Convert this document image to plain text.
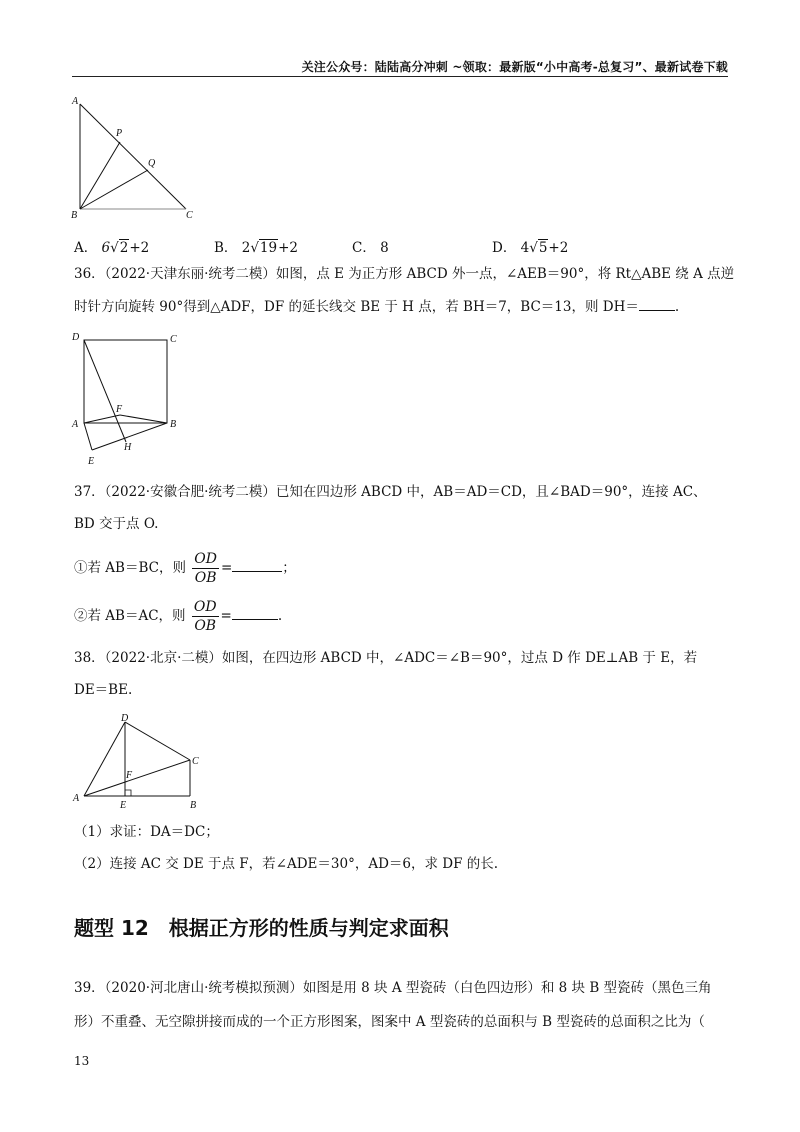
关注公众号：陆陆高分冲刺 ~领取：最新版“小中高考-总复习”、最新试卷下载
A
P
Q
B	C
A． 6√2+2	B． 2√19+2	C． 8	D． 4√5+2
36．（2022·天津东丽·统考二模）如图，点 E 为正方形 ABCD 外一点，∠AEB＝90°，将 Rt△ABE 绕 A 点逆
时针方向旋转 90°得到△ADF，DF 的延长线交 BE 于 H 点，若 BH＝7，BC＝13，则 DH＝	.
D	C
F
A	B
H
E
37．（2022·安徽合肥·统考二模）已知在四边形 ABCD 中，AB＝AD＝CD，且∠BAD＝90°，连接 AC、
BD 交于点 O.
①若 AB＝BC，则 $\frac{OD}{OB}$ =	；
②若 AB＝AC，则 $\frac{OD}{OB}$ =	.
38．（2022·北京·二模）如图，在四边形 ABCD 中，∠ADC＝∠B＝90°，过点 D 作 DE⊥AB 于 E，若
DE＝BE.
D
C
F
A
E	B
（1）求证：DA＝DC；
（2）连接 AC 交 DE 于点 F，若∠ADE＝30°，AD＝6，求 DF 的长.
题型 12　根据正方形的性质与判定求面积
39．（2020·河北唐山·统考模拟预测）如图是用 8 块 A 型瓷砖（白色四边形）和 8 块 B 型瓷砖（黑色三角
形）不重叠、无空隙拼接而成的一个正方形图案，图案中 A 型瓷砖的总面积与 B 型瓷砖的总面积之比为（
13
